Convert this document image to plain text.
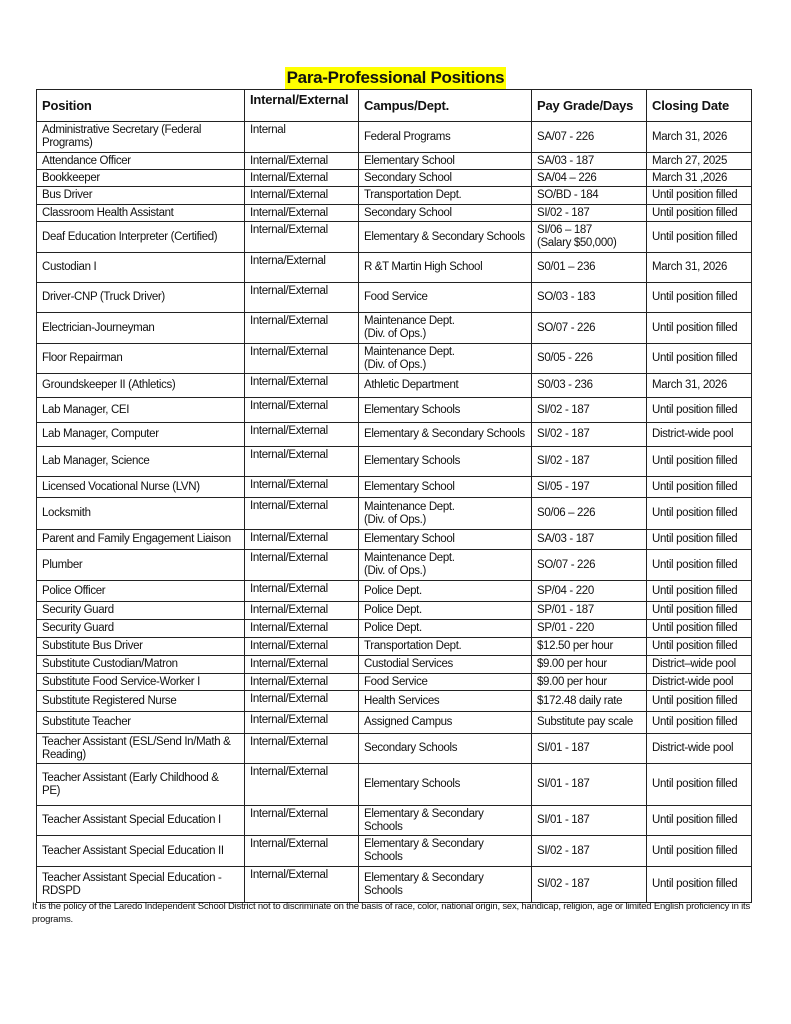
Para-Professional Positions
Position	Internal/External	Campus/Dept.	Pay Grade/Days	Closing Date
Administrative Secretary (Federal
Programs)	Internal	Federal Programs	SA/07 - 226	March 31, 2026
Attendance Officer	Internal/External	Elementary School	SA/03 - 187	March 27, 2025
Bookkeeper	Internal/External	Secondary School	SA/04 – 226	March 31 ,2026
Bus Driver	Internal/External	Transportation Dept.	SO/BD - 184	Until position filled
Classroom Health Assistant	Internal/External	Secondary School	SI/02 - 187	Until position filled
Deaf Education Interpreter (Certified)	Internal/External	Elementary & Secondary Schools	SI/06 – 187
(Salary $50,000)	Until position filled
Custodian I	Interna/External	R &T Martin High School	S0/01 – 236	March 31, 2026
Driver-CNP (Truck Driver)	Internal/External	Food Service	SO/03 - 183	Until position filled
Electrician-Journeyman	Internal/External	Maintenance Dept.
(Div. of Ops.)	SO/07 - 226	Until position filled
Floor Repairman	Internal/External	Maintenance Dept.
(Div. of Ops.)	S0/05 - 226	Until position filled
Groundskeeper II (Athletics)	Internal/External	Athletic Department	S0/03 - 236	March 31, 2026
Lab Manager, CEI	Internal/External	Elementary Schools	SI/02 - 187	Until position filled
Lab Manager, Computer	Internal/External	Elementary & Secondary Schools	SI/02 - 187	District-wide pool
Lab Manager, Science	Internal/External	Elementary Schools	SI/02 - 187	Until position filled
Licensed Vocational Nurse (LVN)	Internal/External	Elementary School	SI/05 - 197	Until position filled
Locksmith	Internal/External	Maintenance Dept.
(Div. of Ops.)	S0/06 – 226	Until position filled
Parent and Family Engagement Liaison	Internal/External	Elementary School	SA/03 - 187	Until position filled
Plumber	Internal/External	Maintenance Dept.
(Div. of Ops.)	SO/07 - 226	Until position filled
Police Officer	Internal/External	Police Dept.	SP/04 - 220	Until position filled
Security Guard	Internal/External	Police Dept.	SP/01 - 187	Until position filled
Security Guard	Internal/External	Police Dept.	SP/01 - 220	Until position filled
Substitute Bus Driver	Internal/External	Transportation Dept.	$12.50 per hour	Until position filled
Substitute Custodian/Matron	Internal/External	Custodial Services	$9.00 per hour	District–wide pool
Substitute Food Service-Worker I	Internal/External	Food Service	$9.00 per hour	District-wide pool
Substitute Registered Nurse	Internal/External	Health Services	$172.48 daily rate	Until position filled
Substitute Teacher	Internal/External	Assigned Campus	Substitute pay scale	Until position filled
Teacher Assistant (ESL/Send In/Math &
Reading)	Internal/External	Secondary Schools	SI/01 - 187	District-wide pool
Teacher Assistant (Early Childhood &
PE)	Internal/External	Elementary Schools	SI/01 - 187	Until position filled
Teacher Assistant Special Education I	Internal/External	Elementary & Secondary
Schools	SI/01 - 187	Until position filled
Teacher Assistant Special Education II	Internal/External	Elementary & Secondary
Schools	SI/02 - 187	Until position filled
Teacher Assistant Special Education -
RDSPD	Internal/External	Elementary & Secondary
Schools	SI/02 - 187	Until position filled
It is the policy of the Laredo Independent School District not to discriminate on the basis of race, color, national origin, sex, handicap, religion, age or limited English proficiency in its programs.
